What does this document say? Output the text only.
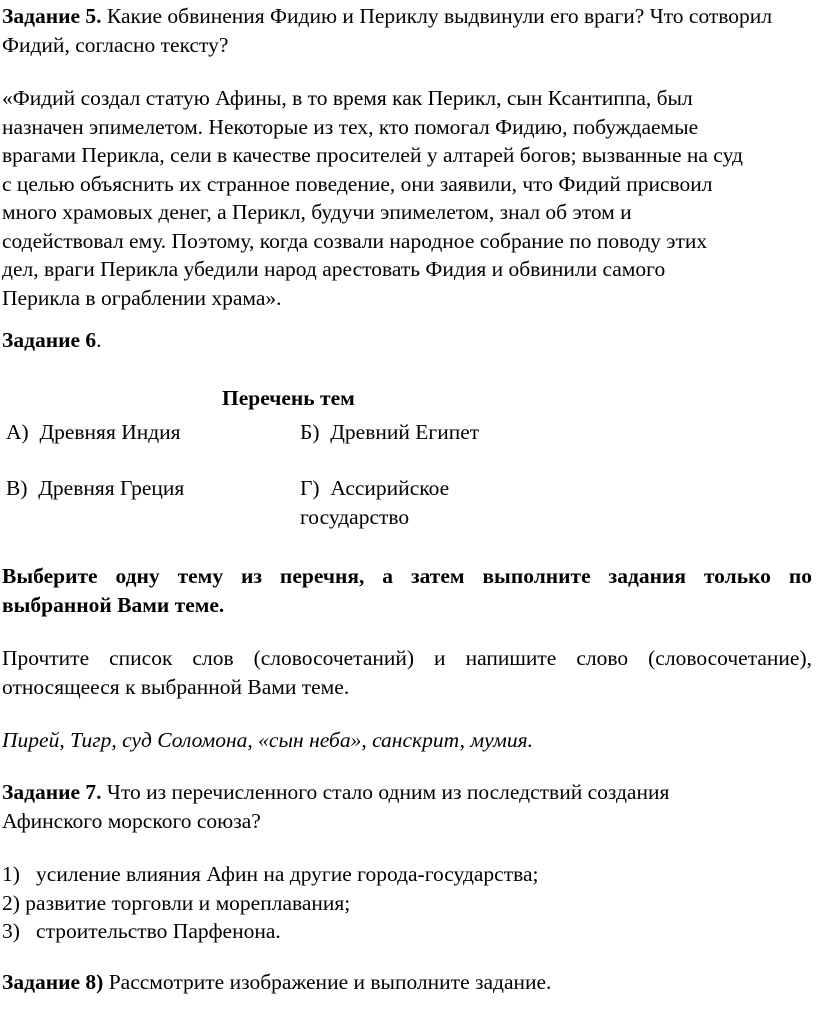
Задание 5. Какие обвинения Фидию и Периклу выдвинули его враги? Что сотворил Фидий, согласно тексту?
«Фидий создал статую Афины, в то время как Перикл, сын Ксантиппа, был
назначен эпимелетом. Некоторые из тех, кто помогал Фидию, побуждаемые
врагами Перикла, сели в качестве просителей у алтарей богов; вызванные на суд
с целью объяснить их странное поведение, они заявили, что Фидий присвоил
много храмовых денег, а Перикл, будучи эпимелетом, знал об этом и
содействовал ему. Поэтому, когда созвали народное собрание по поводу этих
дел, враги Перикла убедили народ арестовать Фидия и обвинили самого
Перикла в ограблении храма».
Задание 6.
Перечень тем
А) Древняя Индия	Б) Древний Египет
В) Древняя Греция	Г) Ассирийское
государство
Выберите одну тему из перечня, а затем выполните задания только по
выбранной Вами теме.
Прочтите список слов (словосочетаний) и напишите слово (словосочетание),
относящееся к выбранной Вами теме.
Пирей, Тигр, суд Соломона, «сын неба», санскрит, мумия.
Задание 7. Что из перечисленного стало одним из последствий создания
Афинского морского союза?
1) усиление влияния Афин на другие города-государства;
2) развитие торговли и мореплавания;
3) строительство Парфенона.
Задание 8) Рассмотрите изображение и выполните задание.
